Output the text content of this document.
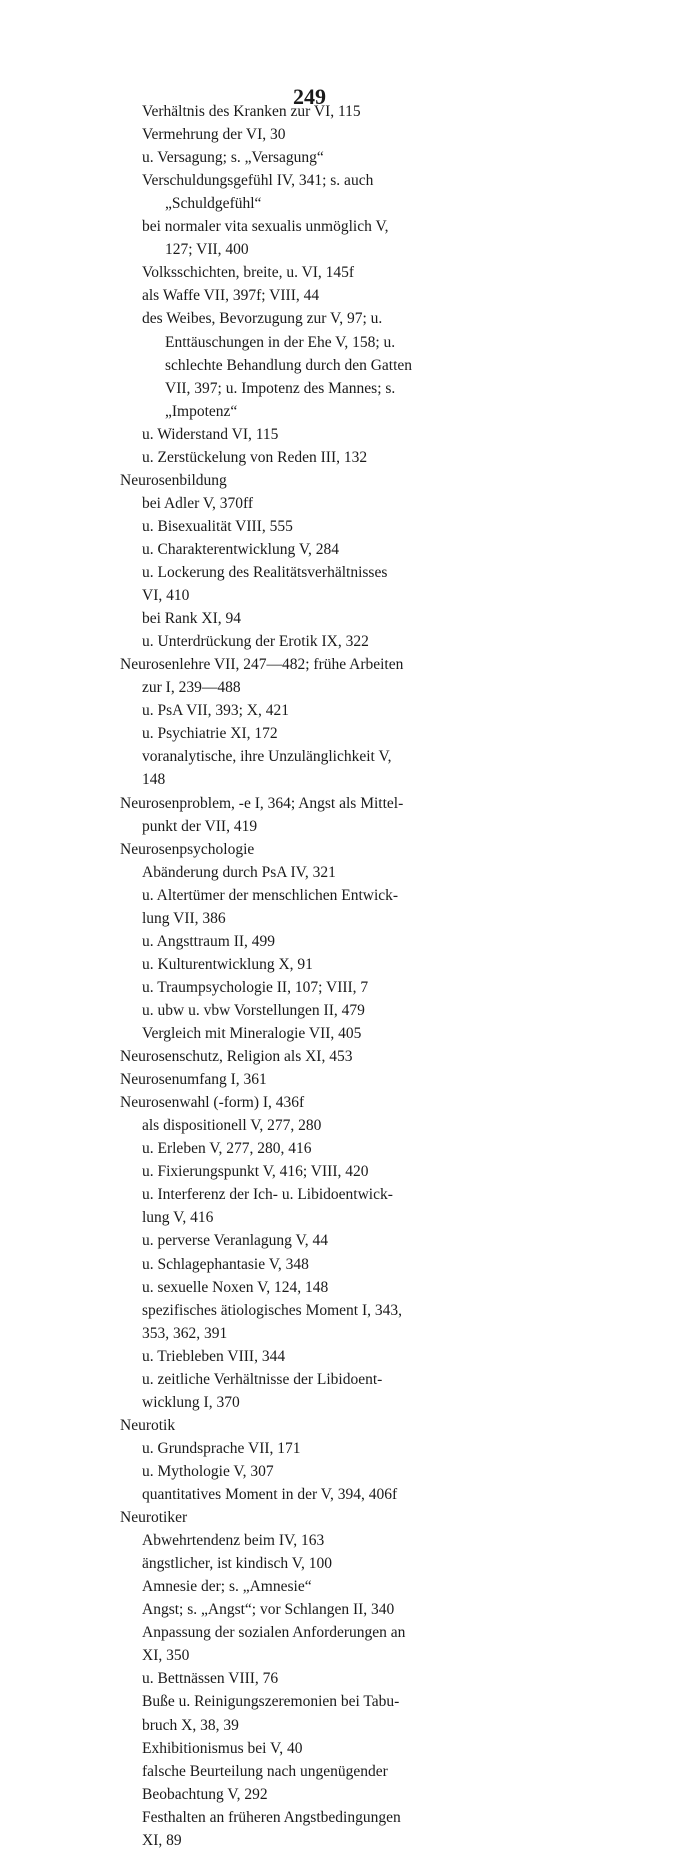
249
Verhältnis des Kranken zur VI, 115
Vermehrung der VI, 30
u. Versagung; s. „Versagung“
Verschuldungsgefühl IV, 341; s. auch
„Schuldgefühl“
bei normaler vita sexualis unmöglich V,
127; VII, 400
Volksschichten, breite, u. VI, 145f
als Waffe VII, 397f; VIII, 44
des Weibes, Bevorzugung zur V, 97; u.
Enttäuschungen in der Ehe V, 158; u.
schlechte Behandlung durch den Gatten
VII, 397; u. Impotenz des Mannes; s.
„Impotenz“
u. Widerstand VI, 115
u. Zerstückelung von Reden III, 132
Neurosenbildung
bei Adler V, 370ff
u. Bisexualität VIII, 555
u. Charakterentwicklung V, 284
u. Lockerung des Realitätsverhältnisses
VI, 410
bei Rank XI, 94
u. Unterdrückung der Erotik IX, 322
Neurosenlehre VII, 247—482; frühe Arbeiten
zur I, 239—488
u. PsA VII, 393; X, 421
u. Psychiatrie XI, 172
voranalytische, ihre Unzulänglichkeit V,
148
Neurosenproblem, -e I, 364; Angst als Mittel-
punkt der VII, 419
Neurosenpsychologie
Abänderung durch PsA IV, 321
u. Altertümer der menschlichen Entwick-
lung VII, 386
u. Angsttraum II, 499
u. Kulturentwicklung X, 91
u. Traumpsychologie II, 107; VIII, 7
u. ubw u. vbw Vorstellungen II, 479
Vergleich mit Mineralogie VII, 405
Neurosenschutz, Religion als XI, 453
Neurosenumfang I, 361
Neurosenwahl (-form) I, 436f
als dispositionell V, 277, 280
u. Erleben V, 277, 280, 416
u. Fixierungspunkt V, 416; VIII, 420
u. Interferenz der Ich- u. Libidoentwick-
lung V, 416
u. perverse Veranlagung V, 44
u. Schlagephantasie V, 348
u. sexuelle Noxen V, 124, 148
spezifisches ätiologisches Moment I, 343,
353, 362, 391
u. Triebleben VIII, 344
u. zeitliche Verhältnisse der Libidoent-
wicklung I, 370
Neurotik
u. Grundsprache VII, 171
u. Mythologie V, 307
quantitatives Moment in der V, 394, 406f
Neurotiker
Abwehrtendenz beim IV, 163
ängstlicher, ist kindisch V, 100
Amnesie der; s. „Amnesie“
Angst; s. „Angst“; vor Schlangen II, 340
Anpassung der sozialen Anforderungen an
XI, 350
u. Bettnässen VIII, 76
Buße u. Reinigungszeremonien bei Tabu-
bruch X, 38, 39
Exhibitionismus bei V, 40
falsche Beurteilung nach ungenügender
Beobachtung V, 292
Festhalten an früheren Angstbedingungen
XI, 89
